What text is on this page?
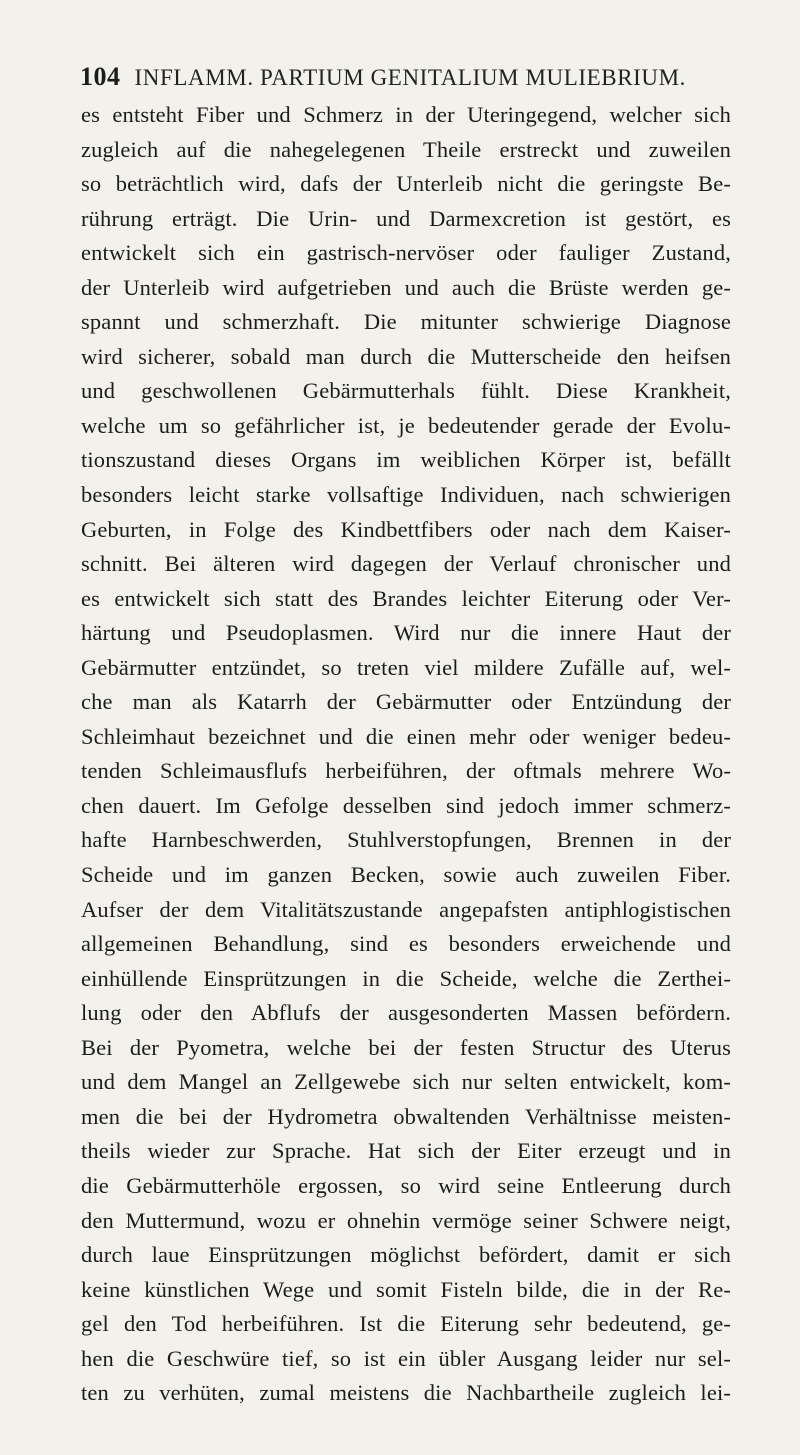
104 INFLAMM. PARTIUM GENITALIUM MULIEBRIUM.
es entsteht Fiber und Schmerz in der Uteringegend, welcher sich
zugleich auf die nahegelegenen Theile erstreckt und zuweilen
so beträchtlich wird, dafs der Unterleib nicht die geringste Be-
rührung erträgt. Die Urin- und Darmexcretion ist gestört, es
entwickelt sich ein gastrisch-nervöser oder fauliger Zustand,
der Unterleib wird aufgetrieben und auch die Brüste werden ge-
spannt und schmerzhaft. Die mitunter schwierige Diagnose
wird sicherer, sobald man durch die Mutterscheide den heifsen
und geschwollenen Gebärmutterhals fühlt. Diese Krankheit,
welche um so gefährlicher ist, je bedeutender gerade der Evolu-
tionszustand dieses Organs im weiblichen Körper ist, befällt
besonders leicht starke vollsaftige Individuen, nach schwierigen
Geburten, in Folge des Kindbettfibers oder nach dem Kaiser-
schnitt. Bei älteren wird dagegen der Verlauf chronischer und
es entwickelt sich statt des Brandes leichter Eiterung oder Ver-
härtung und Pseudoplasmen. Wird nur die innere Haut der
Gebärmutter entzündet, so treten viel mildere Zufälle auf, wel-
che man als Katarrh der Gebärmutter oder Entzündung der
Schleimhaut bezeichnet und die einen mehr oder weniger bedeu-
tenden Schleimausflufs herbeiführen, der oftmals mehrere Wo-
chen dauert. Im Gefolge desselben sind jedoch immer schmerz-
hafte Harnbeschwerden, Stuhlverstopfungen, Brennen in der
Scheide und im ganzen Becken, sowie auch zuweilen Fiber.
Aufser der dem Vitalitätszustande angepafsten antiphlogistischen
allgemeinen Behandlung, sind es besonders erweichende und
einhüllende Einsprützungen in die Scheide, welche die Zerthei-
lung oder den Abflufs der ausgesonderten Massen befördern.
Bei der Pyometra, welche bei der festen Structur des Uterus
und dem Mangel an Zellgewebe sich nur selten entwickelt, kom-
men die bei der Hydrometra obwaltenden Verhältnisse meisten-
theils wieder zur Sprache. Hat sich der Eiter erzeugt und in
die Gebärmutterhöle ergossen, so wird seine Entleerung durch
den Muttermund, wozu er ohnehin vermöge seiner Schwere neigt,
durch laue Einsprützungen möglichst befördert, damit er sich
keine künstlichen Wege und somit Fisteln bilde, die in der Re-
gel den Tod herbeiführen. Ist die Eiterung sehr bedeutend, ge-
hen die Geschwüre tief, so ist ein übler Ausgang leider nur sel-
ten zu verhüten, zumal meistens die Nachbartheile zugleich lei-
